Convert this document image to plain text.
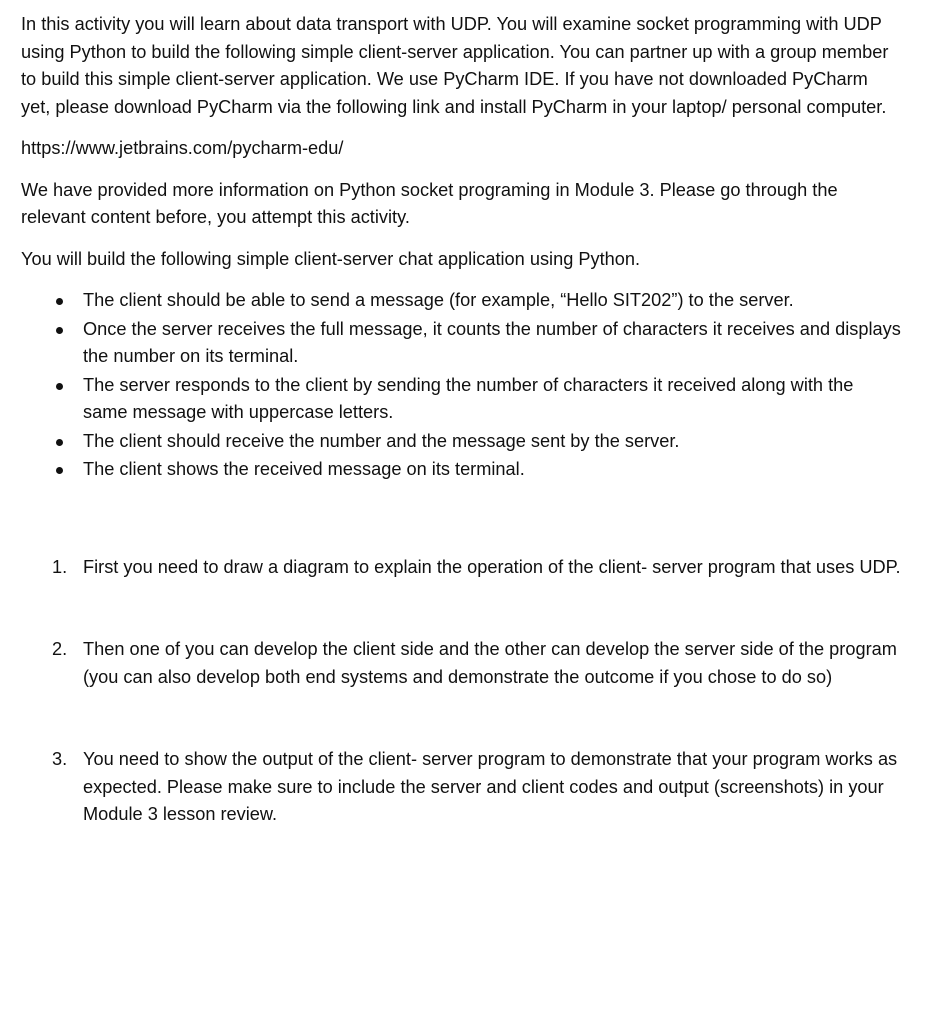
In this activity you will learn about data transport with UDP. You will examine socket programming with UDP using Python to build the following simple client-server application. You can partner up with a group member to build this simple client-server application. We use PyCharm IDE. If you have not downloaded PyCharm yet, please download PyCharm via the following link and install PyCharm in your laptop/ personal computer.

https://www.jetbrains.com/pycharm-edu/

We have provided more information on Python socket programing in Module 3. Please go through the relevant content before, you attempt this activity.

You will build the following simple client-server chat application using Python.

The client should be able to send a message (for example, “Hello SIT202”) to the server.
Once the server receives the full message, it counts the number of characters it receives and displays the number on its terminal.
The server responds to the client by sending the number of characters it received along with the same message with uppercase letters.
The client should receive the number and the message sent by the server.
The client shows the received message on its terminal.
1. First you need to draw a diagram to explain the operation of the client- server program that uses UDP.
2. Then one of you can develop the client side and the other can develop the server side of the program (you can also develop both end systems and demonstrate the outcome if you chose to do so)
3. You need to show the output of the client- server program to demonstrate that your program works as expected. Please make sure to include the server and client codes and output (screenshots) in your Module 3 lesson review.
